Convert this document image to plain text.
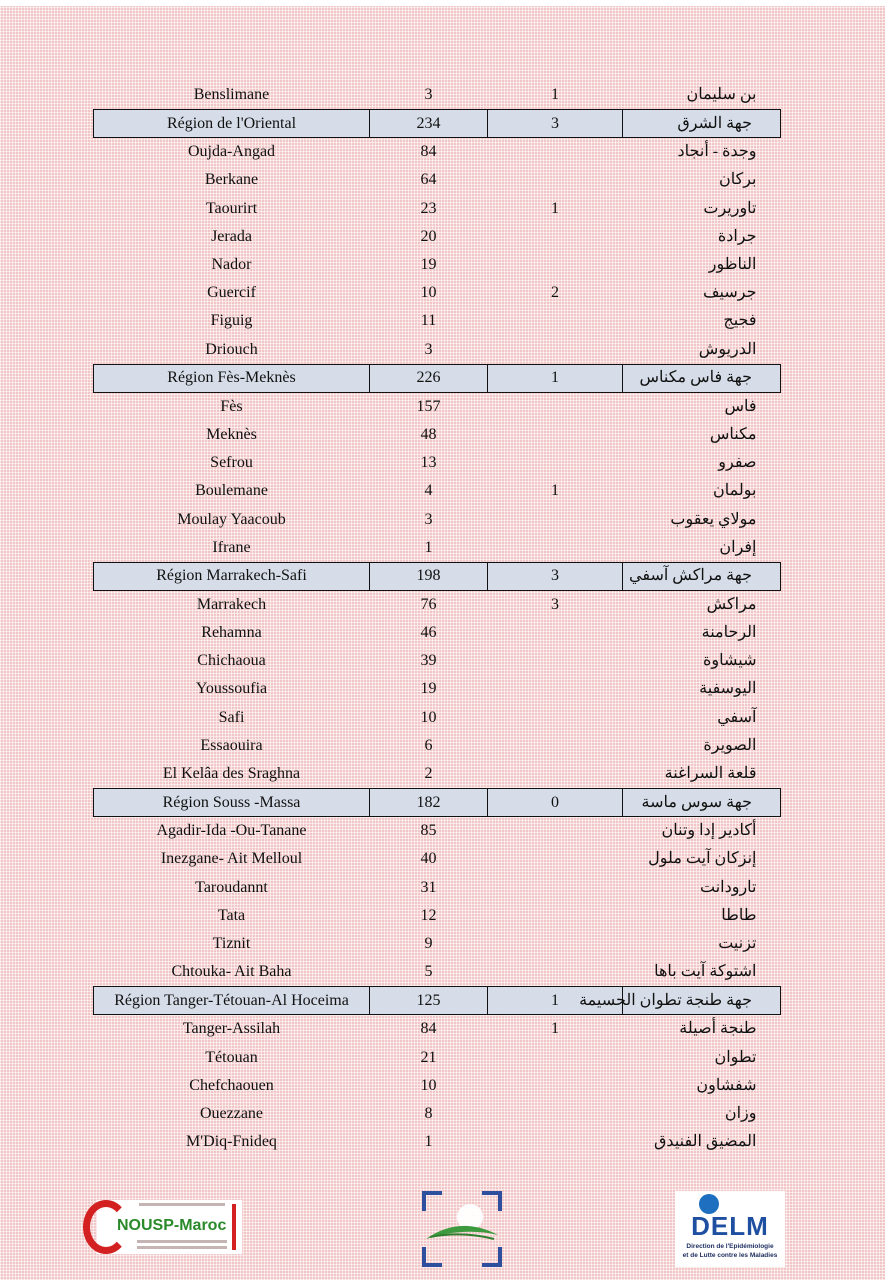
Benslimane	3	1	بن سليمان
Région de l'Oriental	234	3	جهة الشرق
Oujda-Angad	84		وجدة - أنجاد
Berkane	64		بركان
Taourirt	23	1	تاوريرت
Jerada	20		جرادة
Nador	19		الناظور
Guercif	10	2	جرسيف
Figuig	11		فجيج
Driouch	3		الدريوش
Région Fès-Meknès	226	1	جهة فاس مكناس
Fès	157		فاس
Meknès	48		مكناس
Sefrou	13		صفرو
Boulemane	4	1	بولمان
Moulay Yaacoub	3		مولاي يعقوب
Ifrane	1		إفران
Région Marrakech-Safi	198	3	جهة مراكش آسفي
Marrakech	76	3	مراكش
Rehamna	46		الرحامنة
Chichaoua	39		شيشاوة
Youssoufia	19		اليوسفية
Safi	10		آسفي
Essaouira	6		الصويرة
El Kelâa des Sraghna	2		قلعة السراغنة
Région Souss -Massa	182	0	جهة سوس ماسة
Agadir-Ida -Ou-Tanane	85		أكادير إدا وتنان
Inezgane- Ait Melloul	40		إنزكان آيت ملول
Taroudannt	31		تارودانت
Tata	12		طاطا
Tiznit	9		تزنيت
Chtouka- Ait Baha	5		اشتوكة آيت باها
Région Tanger-Tétouan-Al Hoceima	125	1	جهة طنجة تطوان الحسيمة
Tanger-Assilah	84	1	طنجة أصيلة
Tétouan	21		تطوان
Chefchaouen	10		شفشاون
Ouezzane	8		وزان
M'Diq-Fnideq	1		المضيق الفنيدق
NOUSP-Maroc	DELM
Direction de l'Epidémiologie
et de Lutte contre les Maladies
